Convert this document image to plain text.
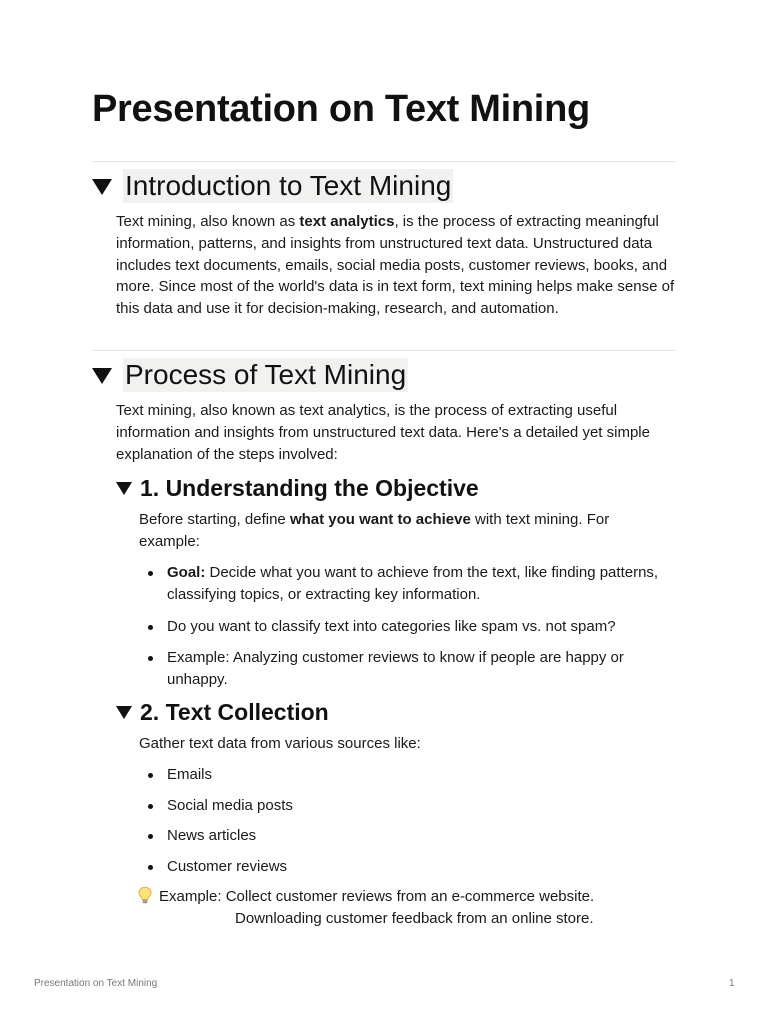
Presentation on Text Mining
Introduction to Text Mining

Text mining, also known as text analytics, is the process of extracting meaningful information, patterns, and insights from unstructured text data. Unstructured data includes text documents, emails, social media posts, customer reviews, books, and more. Since most of the world's data is in text form, text mining helps make sense of this data and use it for decision-making, research, and automation.

Process of Text Mining

Text mining, also known as text analytics, is the process of extracting useful information and insights from unstructured text data. Here's a detailed yet simple explanation of the steps involved:

1. Understanding the Objective

Before starting, define what you want to achieve with text mining. For example:

Goal: Decide what you want to achieve from the text, like finding patterns, classifying topics, or extracting key information.
Do you want to classify text into categories like spam vs. not spam?
Example: Analyzing customer reviews to know if people are happy or unhappy.
2. Text Collection

Gather text data from various sources like:

Emails
Social media posts
News articles
Customer reviews
Example: Collect customer reviews from an e-commerce website.
Downloading customer feedback from an online store.
Presentation on Text Mining	1
